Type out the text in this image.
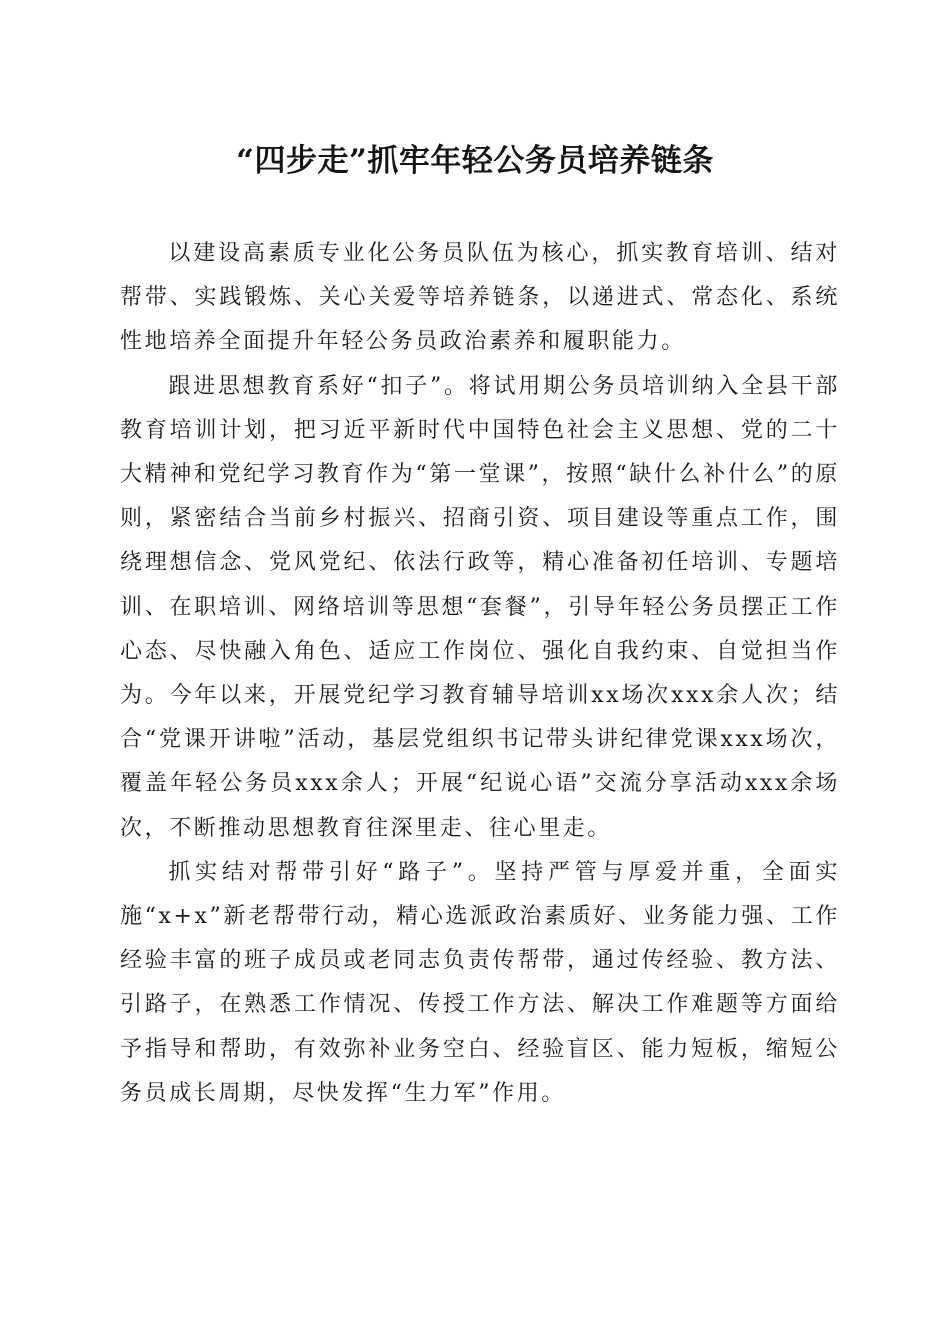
“四步走”抓牢年轻公务员培养链条

以建设高素质专业化公务员队伍为核心，抓实教育培训、结对帮带、实践锻炼、关心关爱等培养链条，以递进式、常态化、系统性地培养全面提升年轻公务员政治素养和履职能力。

跟进思想教育系好“扣子”。将试用期公务员培训纳入全县干部教育培训计划，把习近平新时代中国特色社会主义思想、党的二十大精神和党纪学习教育作为“第一堂课”，按照“缺什么补什么”的原则，紧密结合当前乡村振兴、招商引资、项目建设等重点工作，围绕理想信念、党风党纪、依法行政等，精心准备初任培训、专题培训、在职培训、网络培训等思想“套餐”，引导年轻公务员摆正工作心态、尽快融入角色、适应工作岗位、强化自我约束、自觉担当作为。今年以来，开展党纪学习教育辅导培训xx场次xxx余人次；结合“党课开讲啦”活动，基层党组织书记带头讲纪律党课xxx场次，覆盖年轻公务员xxx余人；开展“纪说心语”交流分享活动xxx余场次，不断推动思想教育往深里走、往心里走。

抓实结对帮带引好“路子”。坚持严管与厚爱并重，全面实施“x+x”新老帮带行动，精心选派政治素质好、业务能力强、工作经验丰富的班子成员或老同志负责传帮带，通过传经验、教方法、引路子，在熟悉工作情况、传授工作方法、解决工作难题等方面给予指导和帮助，有效弥补业务空白、经验盲区、能力短板，缩短公务员成长周期，尽快发挥“生力军”作用。
